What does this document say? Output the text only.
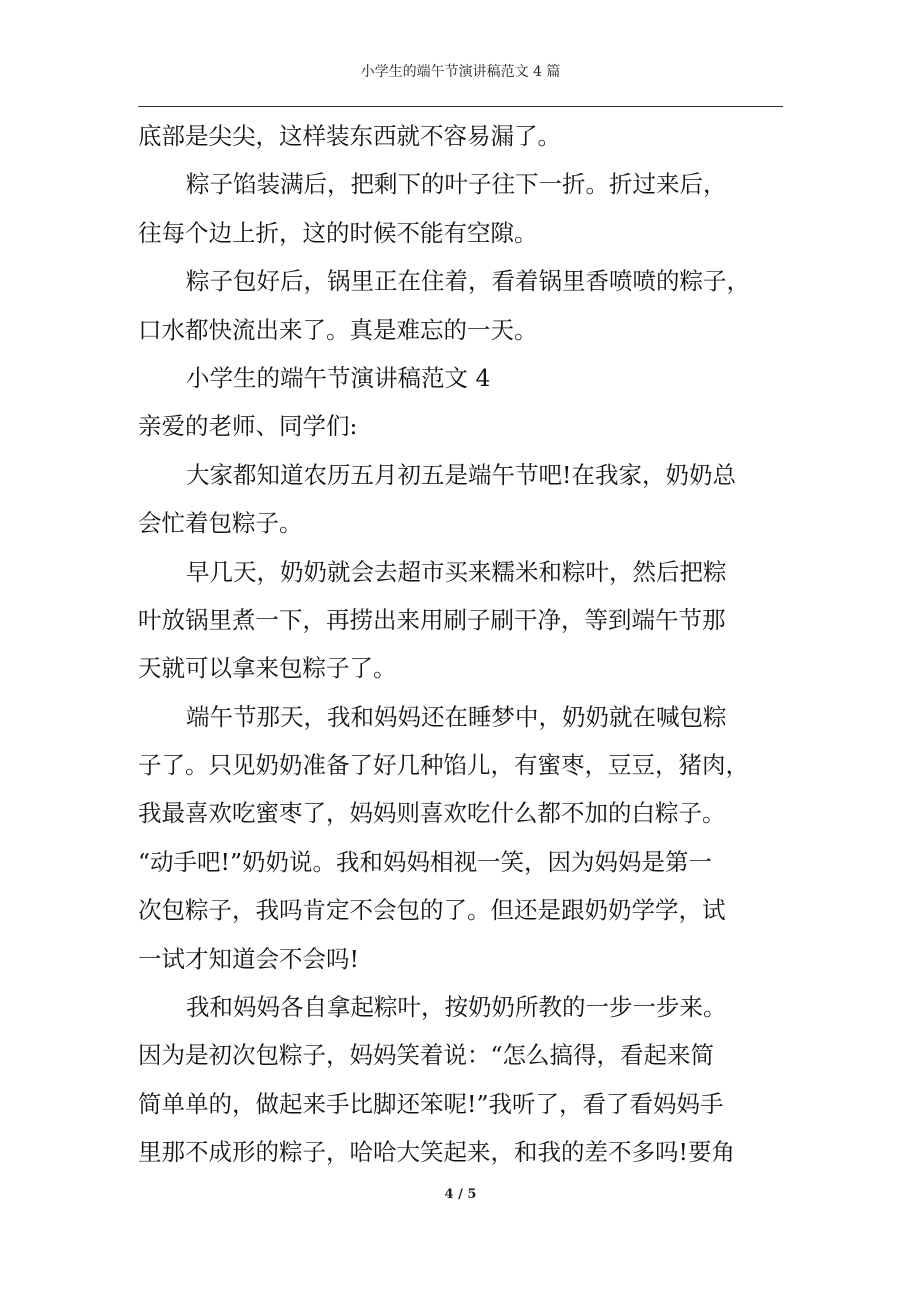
小学生的端午节演讲稿范文 4 篇
底部是尖尖，这样装东西就不容易漏了。
粽子馅装满后，把剩下的叶子往下一折。折过来后，
往每个边上折，这的时候不能有空隙。
粽子包好后，锅里正在住着，看着锅里香喷喷的粽子，
口水都快流出来了。真是难忘的一天。
小学生的端午节演讲稿范文 4
亲爱的老师、同学们:
大家都知道农历五月初五是端午节吧!在我家，奶奶总
会忙着包粽子。
早几天，奶奶就会去超市买来糯米和粽叶，然后把粽
叶放锅里煮一下，再捞出来用刷子刷干净，等到端午节那
天就可以拿来包粽子了。
端午节那天，我和妈妈还在睡梦中，奶奶就在喊包粽
子了。只见奶奶准备了好几种馅儿，有蜜枣，豆豆，猪肉，
我最喜欢吃蜜枣了，妈妈则喜欢吃什么都不加的白粽子。
“动手吧!”奶奶说。我和妈妈相视一笑，因为妈妈是第一
次包粽子，我吗肯定不会包的了。但还是跟奶奶学学，试
一试才知道会不会吗!
我和妈妈各自拿起粽叶，按奶奶所教的一步一步来。
因为是初次包粽子，妈妈笑着说：“怎么搞得，看起来简
简单单的，做起来手比脚还笨呢!”我听了，看了看妈妈手
里那不成形的粽子，哈哈大笑起来，和我的差不多吗!要角
4 / 5
